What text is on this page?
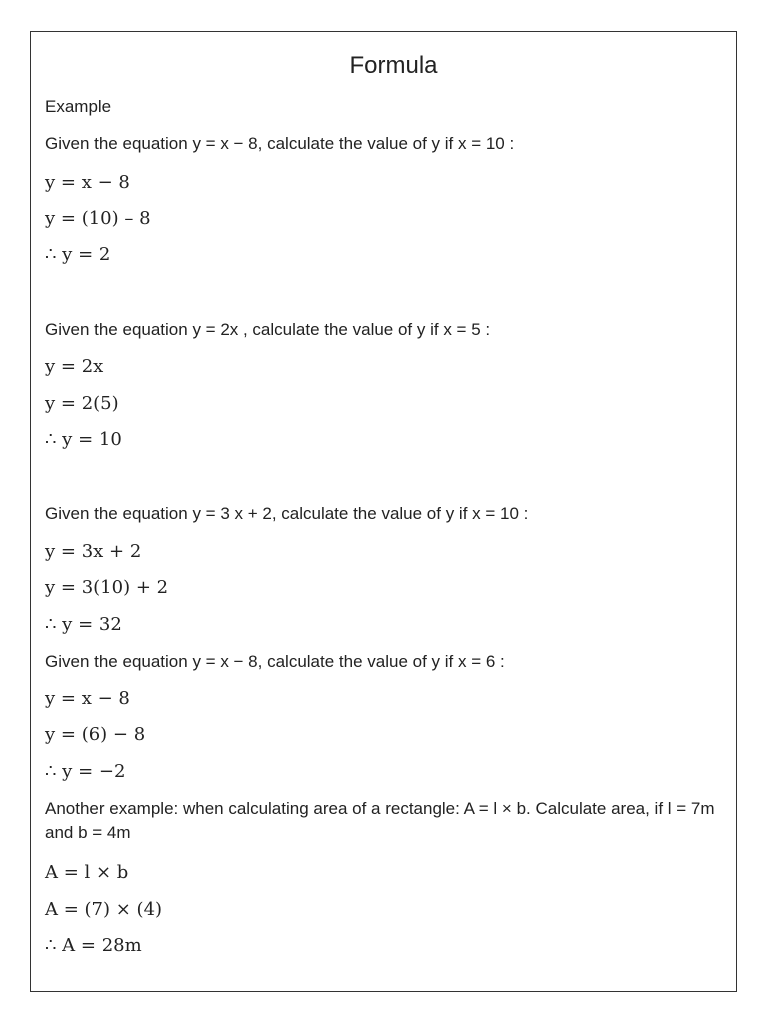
Formula
Example
Given the equation y = x − 8, calculate the value of y if x = 10 :
y = x − 8
y = (10) – 8
∴ y = 2
Given the equation y = 2x , calculate the value of y if x = 5 :
y = 2x
y = 2(5)
∴ y = 10
Given the equation y = 3 x + 2, calculate the value of y if x = 10 :
y = 3x + 2
y = 3(10) + 2
∴ y = 32
Given the equation y = x − 8, calculate the value of y if x = 6 :
y = x − 8
y = (6) − 8
∴ y = −2
Another example: when calculating area of a rectangle: A = l × b. Calculate area, if l = 7m and b = 4m
A = l × b
A = (7) × (4)
∴ A = 28m
